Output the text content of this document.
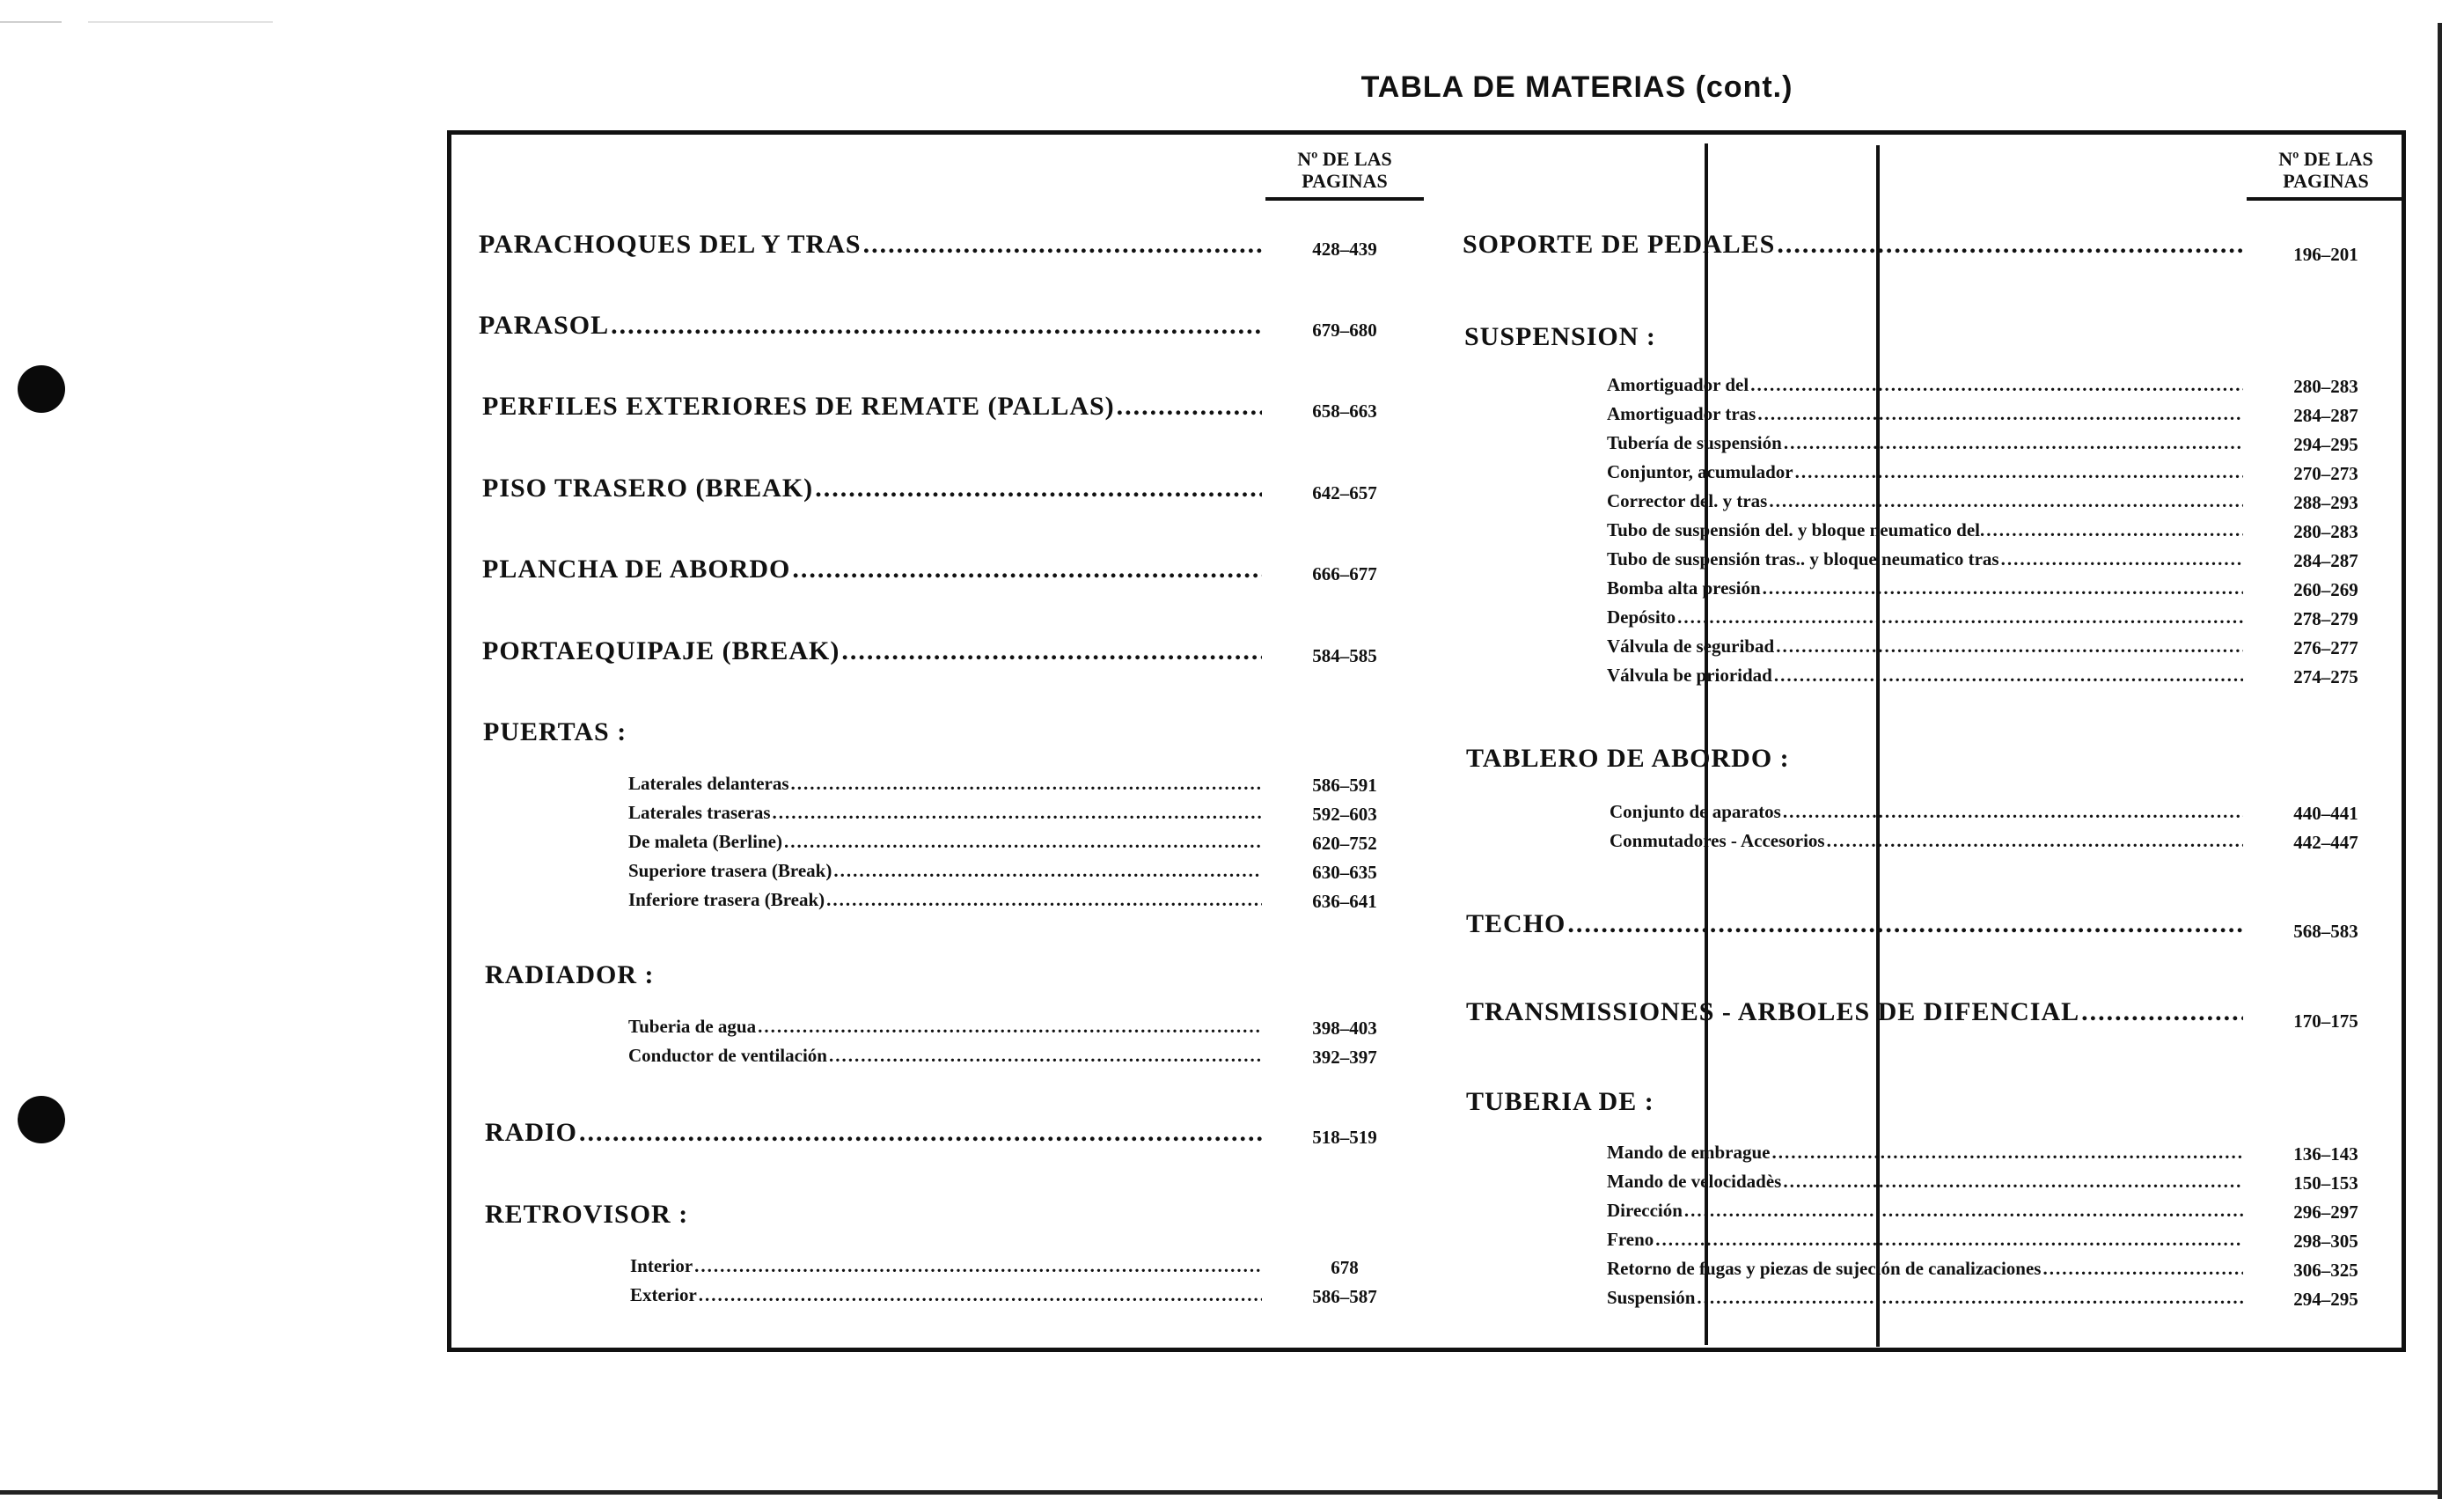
TABLA DE MATERIAS (cont.)
Nº DE LAS
PAGINAS
Nº DE LAS
PAGINAS
PARACHOQUES DEL Y TRAS .....	428–439
PARASOL .....	679–680
PERFILES EXTERIORES DE REMATE (PALLAS) .....	658–663
PISO TRASERO (BREAK) .....	642–657
PLANCHA DE ABORDO .....	666–677
PORTAEQUIPAJE (BREAK) .....	584–585
PUERTAS :
Laterales delanteras .....	586–591
Laterales traseras .....	592–603
De maleta (Berline) .....	620–752
Superiore trasera (Break) .....	630–635
Inferiore trasera (Break) .....	636–641
RADIADOR :
Tuberia de agua .....	398–403
Conductor de ventilación .....	392–397
RADIO .....	518–519
RETROVISOR :
Interior .....	678
Exterior .....	586–587
SOPORTE DE PEDALES .....	196–201
SUSPENSION :
Amortiguador del .....	280–283
Amortiguador tras .....	284–287
Tubería de suspensión .....	294–295
Conjuntor, acumulador .....	270–273
Corrector del. y tras .....	288–293
Tubo de suspensión del. y bloque neumatico del. .....	280–283
Tubo de suspensión tras.. y bloque neumatico tras .....	284–287
Bomba alta presión .....	260–269
Depósito .....	278–279
Válvula de seguribad .....	276–277
Válvula be prioridad .....	274–275
TABLERO DE ABORDO :
Conjunto de aparatos .....	440–441
Conmutadores - Accesorios .....	442–447
TECHO .....	568–583
TRANSMISSIONES - ARBOLES DE DIFENCIAL .....	170–175
TUBERIA DE :
Mando de embrague .....	136–143
Mando de velocidadès .....	150–153
Dirección .....	296–297
Freno .....	298–305
Retorno de fugas y piezas de sujeción de canalizaciones .....	306–325
Suspensión .....	294–295
